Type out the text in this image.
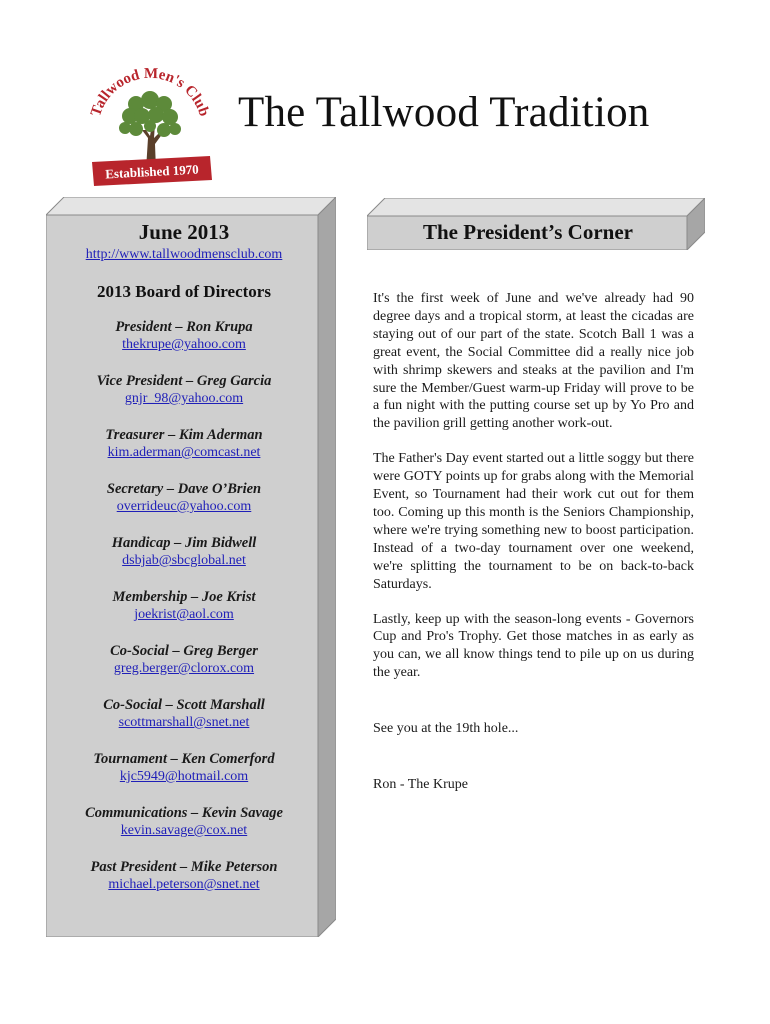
Tallwood Men's Club
Established 1970
The Tallwood Tradition
June 2013
http://www.tallwoodmensclub.com
2013 Board of Directors
President – Ron Krupa
thekrupe@yahoo.com
Vice President – Greg Garcia
gnjr_98@yahoo.com
Treasurer – Kim Aderman
kim.aderman@comcast.net
Secretary – Dave O’Brien
overrideuc@yahoo.com
Handicap – Jim Bidwell
dsbjab@sbcglobal.net
Membership – Joe Krist
joekrist@aol.com
Co-Social – Greg Berger
greg.berger@clorox.com
Co-Social – Scott Marshall
scottmarshall@snet.net
Tournament – Ken Comerford
kjc5949@hotmail.com
Communications – Kevin Savage
kevin.savage@cox.net
Past President – Mike Peterson
michael.peterson@snet.net
The President’s Corner

It's the first week of June and we've already had 90 degree days and a tropical storm, at least the cicadas are staying out of our part of the state. Scotch Ball 1 was a great event, the Social Committee did a really nice job with shrimp skewers and steaks at the pavilion and I'm sure the Member/Guest warm-up Friday will prove to be a fun night with the putting course set up by Yo Pro and the pavilion grill getting another work-out.

The Father's Day event started out a little soggy but there were GOTY points up for grabs along with the Memorial Event, so Tournament had their work cut out for them too. Coming up this month is the Seniors Championship, where we're trying something new to boost participation. Instead of a two-day tournament over one weekend, we're splitting the tournament to be on back-to-back Saturdays.

Lastly, keep up with the season-long events - Governors Cup and Pro's Trophy. Get those matches in as early as you can, we all know things tend to pile up on us during the year.

See you at the 19th hole...

Ron - The Krupe
